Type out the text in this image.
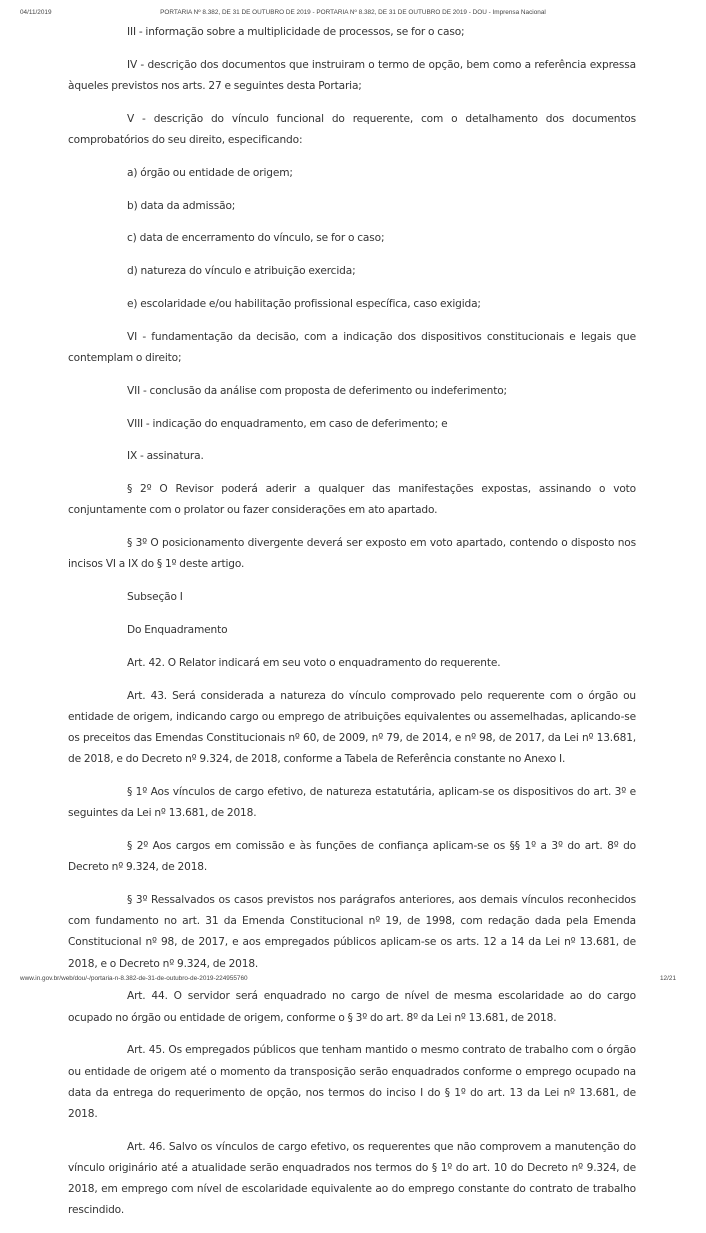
04/11/2019	PORTARIA Nº 8.382, DE 31 DE OUTUBRO DE 2019 - PORTARIA Nº 8.382, DE 31 DE OUTUBRO DE 2019 - DOU - Imprensa Nacional

III - informação sobre a multiplicidade de processos, se for o caso;

IV - descrição dos documentos que instruiram o termo de opção, bem como a referência expressa àqueles previstos nos arts. 27 e seguintes desta Portaria;

V - descrição do vínculo funcional do requerente, com o detalhamento dos documentos comprobatórios do seu direito, especificando:

a) órgão ou entidade de origem;

b) data da admissão;

c) data de encerramento do vínculo, se for o caso;

d) natureza do vínculo e atribuição exercida;

e) escolaridade e/ou habilitação profissional específica, caso exigida;

VI - fundamentação da decisão, com a indicação dos dispositivos constitucionais e legais que contemplam o direito;

VII - conclusão da análise com proposta de deferimento ou indeferimento;

VIII - indicação do enquadramento, em caso de deferimento; e

IX - assinatura.

§ 2º O Revisor poderá aderir a qualquer das manifestações expostas, assinando o voto conjuntamente com o prolator ou fazer considerações em ato apartado.

§ 3º O posicionamento divergente deverá ser exposto em voto apartado, contendo o disposto nos incisos VI a IX do § 1º deste artigo.

Subseção I

Do Enquadramento

Art. 42. O Relator indicará em seu voto o enquadramento do requerente.

Art. 43. Será considerada a natureza do vínculo comprovado pelo requerente com o órgão ou entidade de origem, indicando cargo ou emprego de atribuições equivalentes ou assemelhadas, aplicando-se os preceitos das Emendas Constitucionais nº 60, de 2009, nº 79, de 2014, e nº 98, de 2017, da Lei nº 13.681, de 2018, e do Decreto nº 9.324, de 2018, conforme a Tabela de Referência constante no Anexo I.

§ 1º Aos vínculos de cargo efetivo, de natureza estatutária, aplicam-se os dispositivos do art. 3º e seguintes da Lei nº 13.681, de 2018.

§ 2º Aos cargos em comissão e às funções de confiança aplicam-se os §§ 1º a 3º do art. 8º do Decreto nº 9.324, de 2018.

§ 3º Ressalvados os casos previstos nos parágrafos anteriores, aos demais vínculos reconhecidos com fundamento no art. 31 da Emenda Constitucional nº 19, de 1998, com redação dada pela Emenda Constitucional nº 98, de 2017, e aos empregados públicos aplicam-se os arts. 12 a 14 da Lei nº 13.681, de 2018, e o Decreto nº 9.324, de 2018.

Art. 44. O servidor será enquadrado no cargo de nível de mesma escolaridade ao do cargo ocupado no órgão ou entidade de origem, conforme o § 3º do art. 8º da Lei nº 13.681, de 2018.

Art. 45. Os empregados públicos que tenham mantido o mesmo contrato de trabalho com o órgão ou entidade de origem até o momento da transposição serão enquadrados conforme o emprego ocupado na data da entrega do requerimento de opção, nos termos do inciso I do § 1º do art. 13 da Lei nº 13.681, de 2018.

Art. 46. Salvo os vínculos de cargo efetivo, os requerentes que não comprovem a manutenção do vínculo originário até a atualidade serão enquadrados nos termos do § 1º do art. 10 do Decreto nº 9.324, de 2018, em emprego com nível de escolaridade equivalente ao do emprego constante do contrato de trabalho rescindido.

www.in.gov.br/web/dou/-/portaria-n-8.382-de-31-de-outubro-de-2019-224955760	12/21
